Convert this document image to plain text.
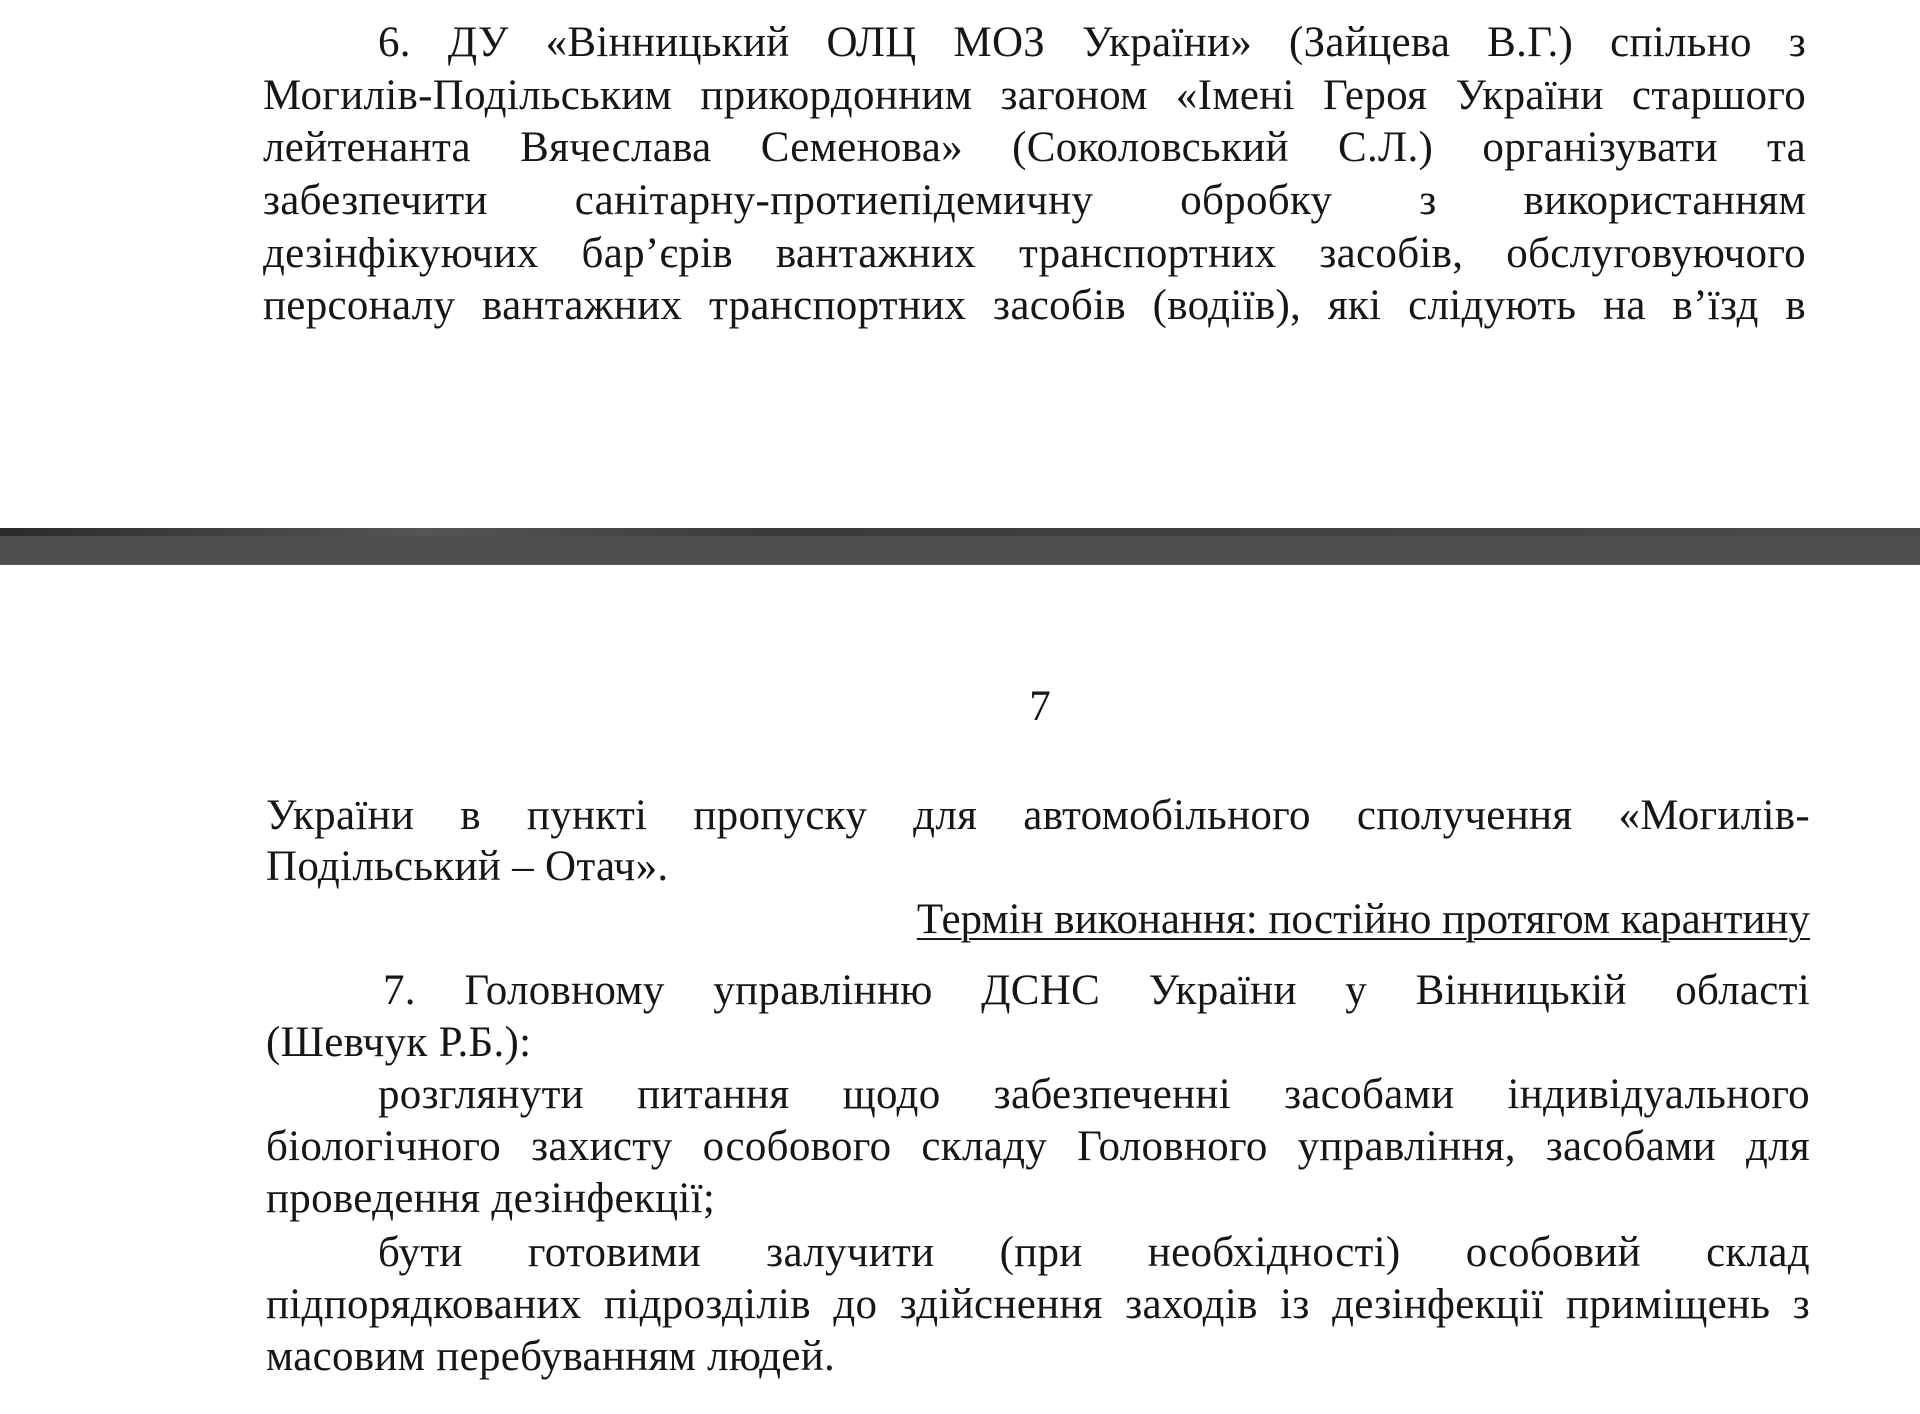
6. ДУ «Вінницький ОЛЦ МОЗ України» (Зайцева В.Г.) спільно з
Могилів-Подільським прикордонним загоном «Імені Героя України старшого
лейтенанта Вячеслава Семенова» (Соколовський С.Л.) організувати та
забезпечити санітарну-протиепідемичну обробку з використанням
дезінфікуючих бар’єрів вантажних транспортних засобів, обслуговуючого
персоналу вантажних транспортних засобів (водіїв), які слідують на в’їзд в
7
України в пункті пропуску для автомобільного сполучення «Могилів-
Подільський – Отач».
Термін виконання: постійно протягом карантину
7. Головному управлінню ДСНС України у Вінницькій області
(Шевчук Р.Б.):
розглянути питання щодо забезпеченні засобами індивідуального
біологічного захисту особового складу Головного управління, засобами для
проведення дезінфекції;
бути готовими залучити (при необхідності) особовий склад
підпорядкованих підрозділів до здійснення заходів із дезінфекції приміщень з
масовим перебуванням людей.
